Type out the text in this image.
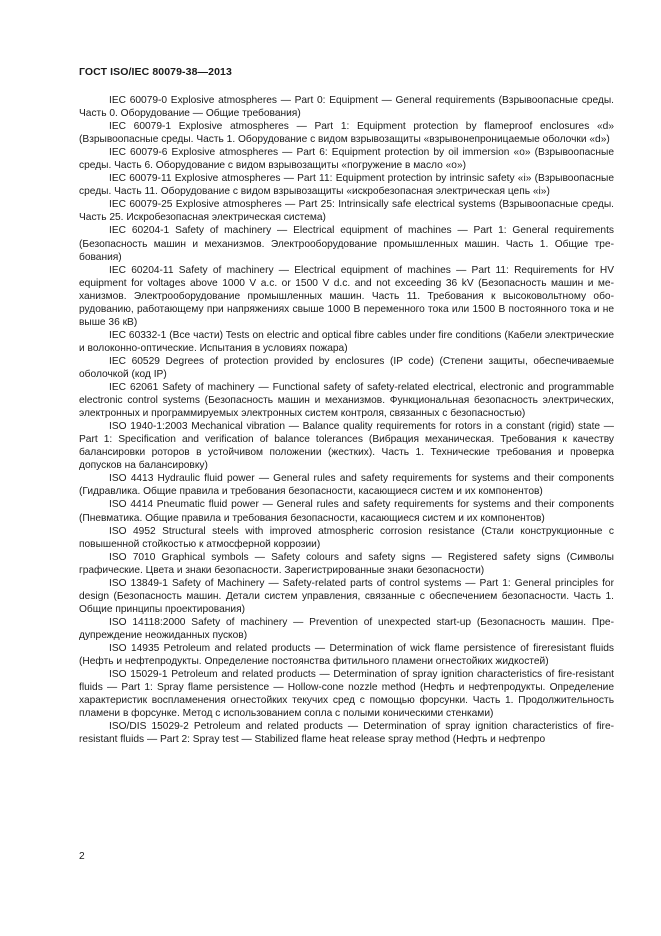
ГОСТ ISO/IEC 80079-38—2013

IEC 60079-0 Explosive atmospheres — Part 0: Equipment — General requirements (Взрывоопасные среды. Часть 0. Оборудование — Общие требования)

IEC 60079-1 Explosive atmospheres — Part 1: Equipment protection by flameproof enclosures «d» (Взрывоопасные среды. Часть 1. Оборудование с видом взрывозащиты «взрывонепроницаемые оболочки «d»)

IEC 60079-6 Explosive atmospheres — Part 6: Equipment protection by oil immersion «o» (Взрывоопасные среды. Часть 6. Оборудование с видом взрывозащиты «погружение в масло «o»)

IEC 60079-11 Explosive atmospheres — Part 11: Equipment protection by intrinsic safety «i» (Взрывоопасные среды. Часть 11. Оборудование с видом взрывозащиты «искробезопасная электрическая цепь «i»)

IEC 60079-25 Explosive atmospheres — Part 25: Intrinsically safe electrical systems (Взрывоопасные среды. Часть 25. Искробезопасная электрическая система)

IEC 60204-1 Safety of machinery — Electrical equipment of machines — Part 1: General requirements (Безопасность машин и механизмов. Электрооборудование промышленных машин. Часть 1. Общие требования)

IEC 60204-11 Safety of machinery — Electrical equipment of machines — Part 11: Requirements for HV equipment for voltages above 1000 V a.c. or 1500 V d.c. and not exceeding 36 kV (Безопасность машин и механизмов. Электрооборудование промышленных машин. Часть 11. Требования к высоковольтному оборудованию, работающему при напряжениях свыше 1000 В переменного тока или 1500 В постоянного тока и не выше 36 кВ)

IEC 60332-1 (Все части) Tests on electric and optical fibre cables under fire conditions (Кабели электрические и волоконно-оптические. Испытания в условиях пожара)

IEC 60529 Degrees of protection provided by enclosures (IP code) (Степени защиты, обеспечиваемые оболочкой (код IP)

IEC 62061 Safety of machinery — Functional safety of safety-related electrical, electronic and programmable electronic control systems (Безопасность машин и механизмов. Функциональная безопасность электрических, электронных и программируемых электронных систем контроля, связанных с безопасностью)

ISO 1940-1:2003 Mechanical vibration — Balance quality requirements for rotors in a constant (rigid) state — Part 1: Specification and verification of balance tolerances (Вибрация механическая. Требования к качеству балансировки роторов в устойчивом положении (жестких). Часть 1. Технические требования и проверка допусков на балансировку)

ISO 4413 Hydraulic fluid power — General rules and safety requirements for systems and their components (Гидравлика. Общие правила и требования безопасности, касающиеся систем и их компонентов)

ISO 4414 Pneumatic fluid power — General rules and safety requirements for systems and their components (Пневматика. Общие правила и требования безопасности, касающиеся систем и их компонентов)

ISO 4952 Structural steels with improved atmospheric corrosion resistance (Стали конструкционные с повышенной стойкостью к атмосферной коррозии)

ISO 7010 Graphical symbols — Safety colours and safety signs — Registered safety signs (Символы графические. Цвета и знаки безопасности. Зарегистрированные знаки безопасности)

ISO 13849-1 Safety of Machinery — Safety-related parts of control systems — Part 1: General principles for design (Безопасность машин. Детали систем управления, связанные с обеспечением безопасности. Часть 1. Общие принципы проектирования)

ISO 14118:2000 Safety of machinery — Prevention of unexpected start-up (Безопасность машин. Предупреждение неожиданных пусков)

ISO 14935 Petroleum and related products — Determination of wick flame persistence of fireresistant fluids (Нефть и нефтепродукты. Определение постоянства фитильного пламени огнестойких жидкостей)

ISO 15029-1 Petroleum and related products — Determination of spray ignition characteristics of fire-resistant fluids — Part 1: Spray flame persistence — Hollow-cone nozzle method (Нефть и нефтепродукты. Определение характеристик воспламенения огнестойких текучих сред с помощью форсунки. Часть 1. Продолжительность пламени в форсунке. Метод с использованием сопла с полыми коническими стенками)

ISO/DIS 15029-2 Petroleum and related products — Determination of spray ignition characteristics of fire-resistant fluids — Part 2: Spray test — Stabilized flame heat release spray method (Нефть и нефтепро

2
